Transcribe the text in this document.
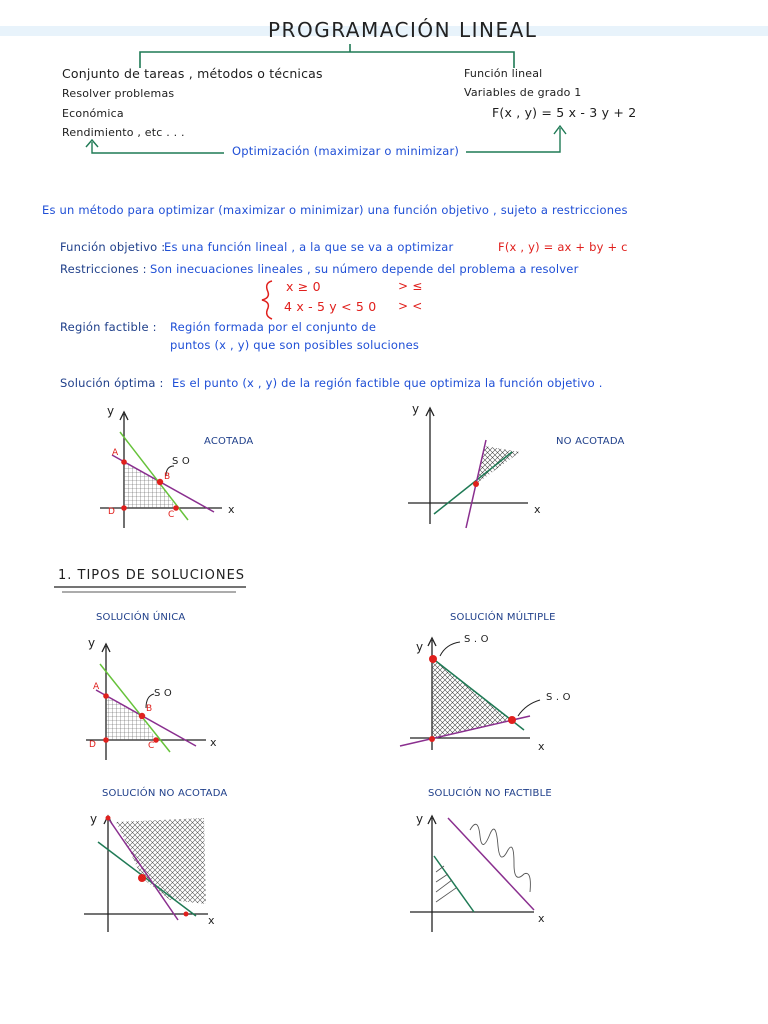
PROGRAMACIÓN LINEAL
Conjunto de tareas , métodos o técnicas
Resolver problemas
Económica
Rendimiento , etc . . .
Función lineal
Variables de grado 1
F(x , y) = 5 x - 3 y + 2
Optimización (maximizar o minimizar)
Es un método para optimizar (maximizar o minimizar) una función objetivo , sujeto a restricciones
Función objetivo :
Es una función lineal , a la que se va a optimizar	F(x , y) = ax + by + c
Restricciones : Son inecuaciones lineales , su número depende del problema a resolver
x ≥ 0
4 x - 5 y < 5 0
> ≤
> <
Región factible : Región formada por el conjunto de
puntos (x , y) que son posibles soluciones
Solución óptima : Es el punto (x , y) de la región factible que optimiza la función objetivo .
y
x
ACOTADA
S O
A
B
C
D
y
x
NO ACOTADA
1. TIPOS DE SOLUCIONES
SOLUCIÓN ÚNICA
y
x
S O
A
B
C
D
SOLUCIÓN MÚLTIPLE
y
x
S . O
S . O
SOLUCIÓN NO ACOTADA
y
x
SOLUCIÓN NO FACTIBLE
y
x
